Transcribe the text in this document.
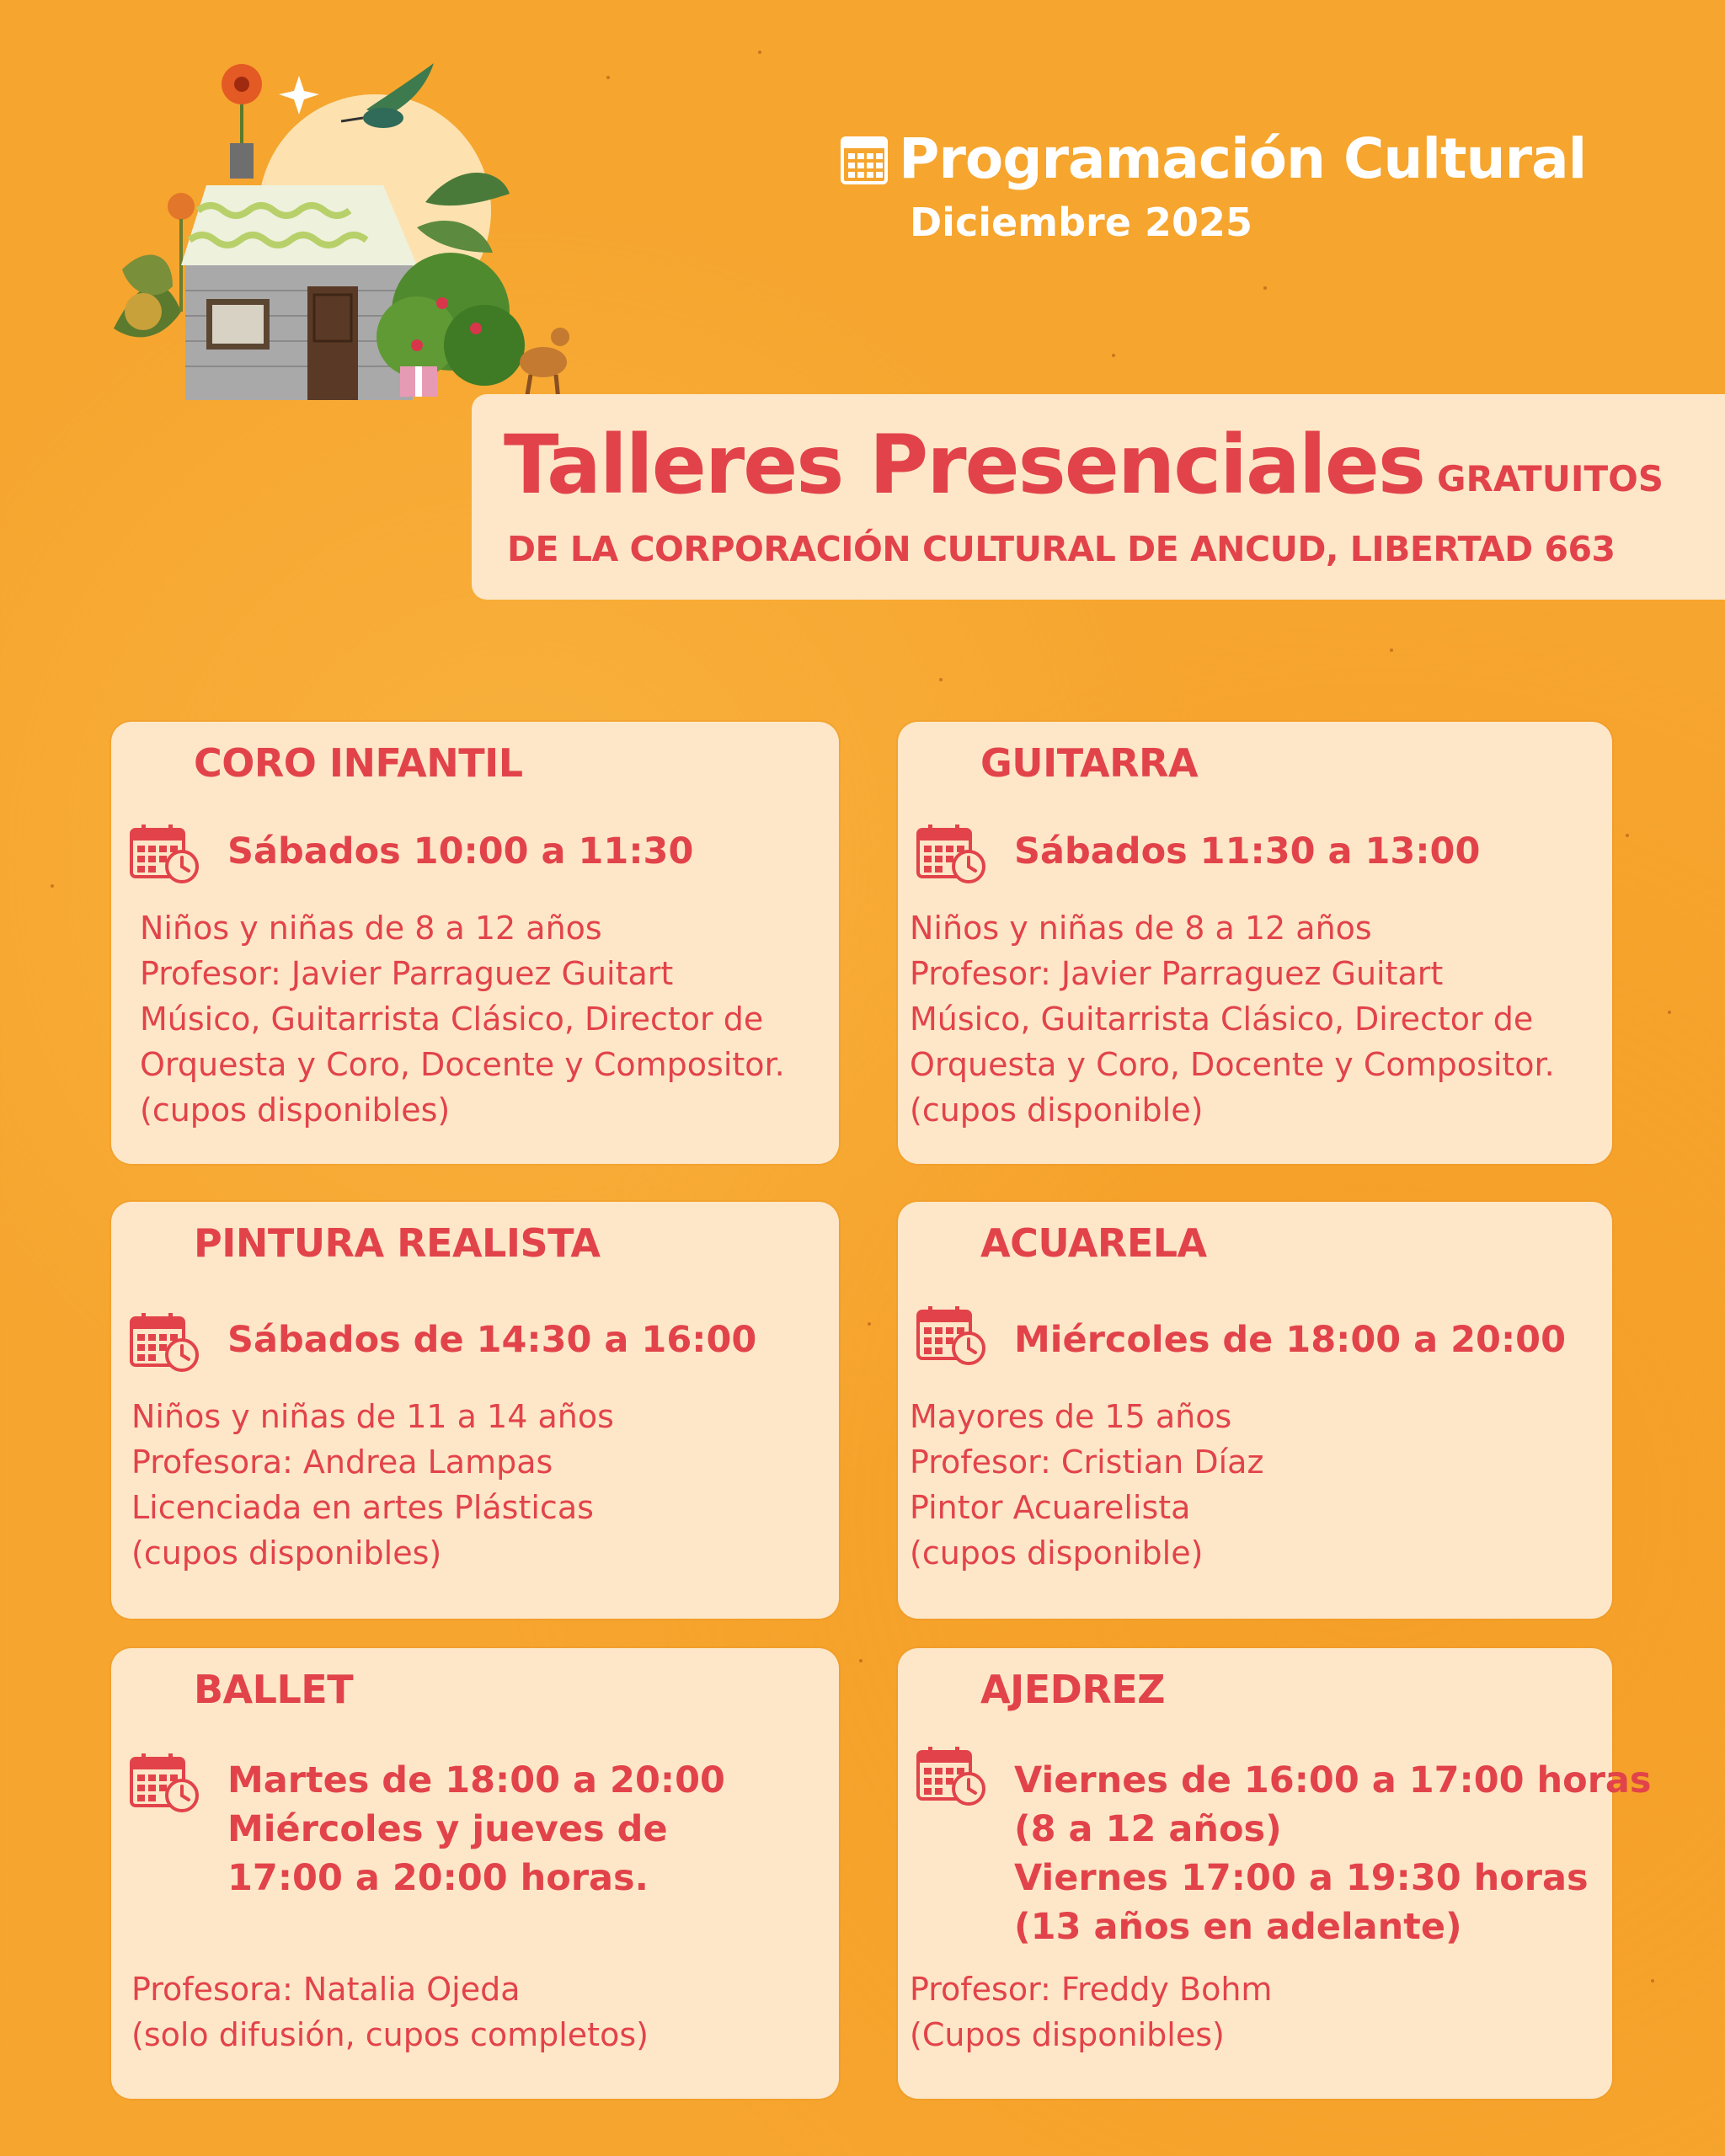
Programación Cultural
Diciembre 2025
Talleres Presenciales GRATUITOS
DE LA CORPORACIÓN CULTURAL DE ANCUD, LIBERTAD 663
CORO INFANTIL
Sábados 10:00 a 11:30
Niños y niñas de 8 a 12 años
Profesor: Javier Parraguez Guitart
Músico, Guitarrista Clásico, Director de
Orquesta y Coro, Docente y Compositor.
(cupos disponibles)
GUITARRA
Sábados 11:30 a 13:00
Niños y niñas de 8 a 12 años
Profesor: Javier Parraguez Guitart
Músico, Guitarrista Clásico, Director de
Orquesta y Coro, Docente y Compositor.
(cupos disponible)
PINTURA REALISTA
Sábados de 14:30 a 16:00
Niños y niñas de 11 a 14 años
Profesora: Andrea Lampas
Licenciada en artes Plásticas
(cupos disponibles)
ACUARELA
Miércoles de 18:00 a 20:00
Mayores de 15 años
Profesor: Cristian Díaz
Pintor Acuarelista
(cupos disponible)
BALLET
Martes de 18:00 a 20:00
Miércoles y jueves de
17:00 a 20:00 horas.
Profesora: Natalia Ojeda
(solo difusión, cupos completos)
AJEDREZ
Viernes de 16:00 a 17:00 horas
(8 a 12 años)
Viernes 17:00 a 19:30 horas
(13 años en adelante)
Profesor: Freddy Bohm
(Cupos disponibles)
